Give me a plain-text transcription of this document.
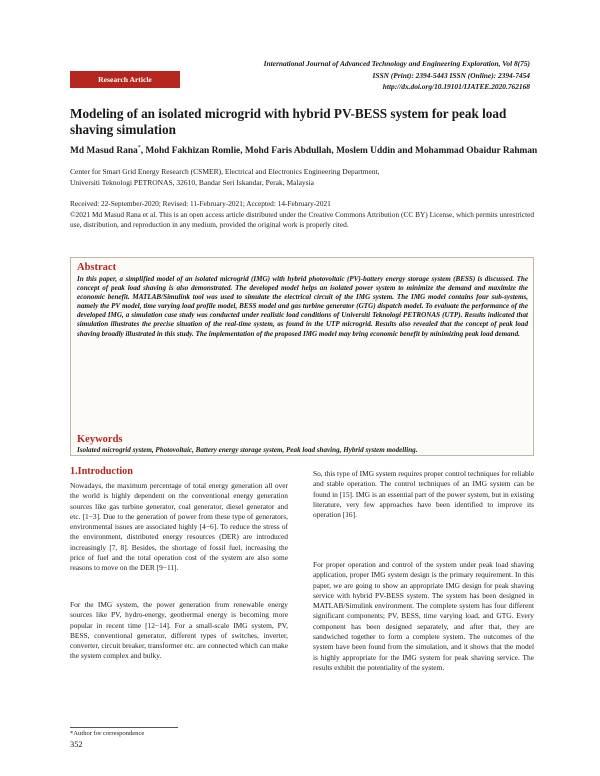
International Journal of Advanced Technology and Engineering Exploration, Vol 8(75)
ISSN (Print): 2394-5443 ISSN (Online): 2394-7454
http://dx.doi.org/10.19101/IJATEE.2020.762168
Research Article
Modeling of an isolated microgrid with hybrid PV-BESS system for peak load shaving simulation
Md Masud Rana*, Mohd Fakhizan Romlie, Mohd Faris Abdullah, Moslem Uddin and Mohammad Obaidur Rahman
Center for Smart Grid Energy Research (CSMER), Electrical and Electronics Engineering Department,
Universiti Teknologi PETRONAS, 32610, Bandar Seri Iskandar, Perak, Malaysia
Received: 22-September-2020; Revised: 11-February-2021; Accepted: 14-February-2021
©2021 Md Masud Rana et al. This is an open access article distributed under the Creative Commons Attribution (CC BY) License, which permits unrestricted use, distribution, and reproduction in any medium, provided the original work is properly cited.
Abstract
In this paper, a simplified model of an isolated microgrid (IMG) with hybrid photovoltaic (PV)-battery energy storage system (BESS) is discussed. The concept of peak load shaving is also demonstrated. The developed model helps an isolated power system to minimize the demand and maximize the economic benefit. MATLAB/Simulink tool was used to simulate the electrical circuit of the IMG system. The IMG model contains four sub-systems, namely the PV model, time varying load profile model, BESS model and gas turbine generator (GTG) dispatch model. To evaluate the performance of the developed IMG, a simulation case study was conducted under realistic load conditions of Universiti Teknologi PETRONAS (UTP). Results indicated that simulation illustrates the precise situation of the real-time system, as found in the UTP microgrid. Results also revealed that the concept of peak load shaving broadly illustrated in this study. The implementation of the proposed IMG model may bring economic benefit by minimizing peak load demand.
Keywords
Isolated microgrid system, Photovoltaic, Battery energy storage system, Peak load shaving, Hybrid system modelling.
1.Introduction
Nowadays, the maximum percentage of total energy generation all over the world is highly dependent on the conventional energy generation sources like gas turbine generator, coal generator, diesel generator and etc. [1−3]. Due to the generation of power from these type of generators, environmental issues are associated highly [4−6]. To reduce the stress of the environment, distributed energy resources (DER) are introduced increasingly [7, 8]. Besides, the shortage of fossil fuel, increasing the price of fuel and the total operation cost of the system are also some reasons to move on the DER [9−11].
For the IMG system, the power generation from renewable energy sources like PV, hydro-energy, geothermal energy is becoming more popular in recent time [12−14]. For a small-scale IMG system, PV, BESS, conventional generator, different types of switches, inverter, converter, circuit breaker, transformer etc. are connected which can make the system complex and bulky.
So, this type of IMG system requires proper control techniques for reliable and stable operation. The control techniques of an IMG system can be found in [15]. IMG is an essential part of the power system, but in existing literature, very few approaches have been identified to improve its operation [16].
For proper operation and control of the system under peak load shaving application, proper IMG system design is the primary requirement. In this paper, we are going to show an appropriate IMG design for peak shaving service with hybrid PV-BESS system. The system has been designed in MATLAB/Simulink environment. The complete system has four different significant components; PV, BESS, time varying load, and GTG. Every component has been designed separately, and after that, they are sandwiched together to form a complete system. The outcomes of the system have been found from the simulation, and it shows that the model is highly appropriate for the IMG system for peak shaving service. The results exhibit the potentiality of the system.
*Author for correspondence
352
